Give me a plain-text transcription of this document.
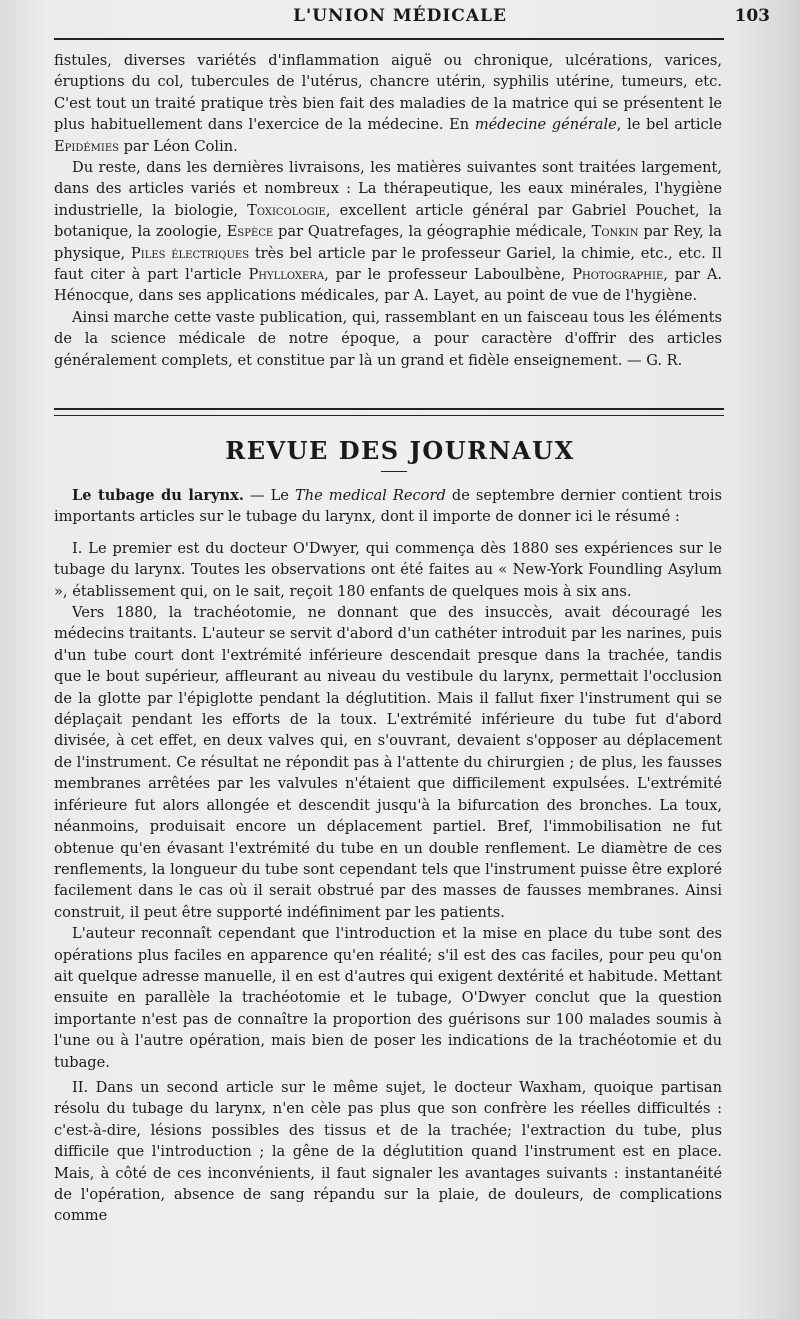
L'UNION MÉDICALE	103

fistules, diverses variétés d'inflammation aiguë ou chronique, ulcérations, varices, éruptions du col, tubercules de l'utérus, chancre utérin, syphilis utérine, tumeurs, etc. C'est tout un traité pratique très bien fait des maladies de la matrice qui se présentent le plus habituellement dans l'exercice de la médecine. En médecine générale, le bel article Epidémies par Léon Colin.

Du reste, dans les dernières livraisons, les matières suivantes sont traitées largement, dans des articles variés et nombreux : La thérapeutique, les eaux minérales, l'hygiène industrielle, la biologie, Toxicologie, excellent article général par Gabriel Pouchet, la botanique, la zoologie, Espèce par Quatrefages, la géographie médicale, Tonkin par Rey, la physique, Piles électriques très bel article par le professeur Gariel, la chimie, etc., etc. Il faut citer à part l'article Phylloxera, par le professeur Laboulbène, Photographie, par A. Hénocque, dans ses applications médicales, par A. Layet, au point de vue de l'hygiène.

Ainsi marche cette vaste publication, qui, rassemblant en un faisceau tous les éléments de la science médicale de notre époque, a pour caractère d'offrir des articles généralement complets, et constitue par là un grand et fidèle enseignement. — G. R.

REVUE DES JOURNAUX

Le tubage du larynx. — Le The medical Record de septembre dernier contient trois importants articles sur le tubage du larynx, dont il importe de donner ici le résumé :

I. Le premier est du docteur O'Dwyer, qui commença dès 1880 ses expériences sur le tubage du larynx. Toutes les observations ont été faites au « New-York Foundling Asylum », établissement qui, on le sait, reçoit 180 enfants de quelques mois à six ans.

Vers 1880, la trachéotomie, ne donnant que des insuccès, avait découragé les médecins traitants. L'auteur se servit d'abord d'un cathéter introduit par les narines, puis d'un tube court dont l'extrémité inférieure descendait presque dans la trachée, tandis que le bout supérieur, affleurant au niveau du vestibule du larynx, permettait l'occlusion de la glotte par l'épiglotte pendant la déglutition. Mais il fallut fixer l'instrument qui se déplaçait pendant les efforts de la toux. L'extrémité inférieure du tube fut d'abord divisée, à cet effet, en deux valves qui, en s'ouvrant, devaient s'opposer au déplacement de l'instrument. Ce résultat ne répondit pas à l'attente du chirurgien ; de plus, les fausses membranes arrêtées par les valvules n'étaient que difficilement expulsées. L'extrémité inférieure fut alors allongée et descendit jusqu'à la bifurcation des bronches. La toux, néanmoins, produisait encore un déplacement partiel. Bref, l'immobilisation ne fut obtenue qu'en évasant l'extrémité du tube en un double renflement. Le diamètre de ces renflements, la longueur du tube sont cependant tels que l'instrument puisse être exploré facilement dans le cas où il serait obstrué par des masses de fausses membranes. Ainsi construit, il peut être supporté indéfiniment par les patients.

L'auteur reconnaît cependant que l'introduction et la mise en place du tube sont des opérations plus faciles en apparence qu'en réalité; s'il est des cas faciles, pour peu qu'on ait quelque adresse manuelle, il en est d'autres qui exigent dextérité et habitude. Mettant ensuite en parallèle la trachéotomie et le tubage, O'Dwyer conclut que la question importante n'est pas de connaître la proportion des guérisons sur 100 malades soumis à l'une ou à l'autre opération, mais bien de poser les indications de la trachéotomie et du tubage.

II. Dans un second article sur le même sujet, le docteur Waxham, quoique partisan résolu du tubage du larynx, n'en cèle pas plus que son confrère les réelles difficultés : c'est-à-dire, lésions possibles des tissus et de la trachée; l'extraction du tube, plus difficile que l'introduction ; la gêne de la déglutition quand l'instrument est en place. Mais, à côté de ces inconvénients, il faut signaler les avantages suivants : instantanéité de l'opération, absence de sang répandu sur la plaie, de douleurs, de complications comme
